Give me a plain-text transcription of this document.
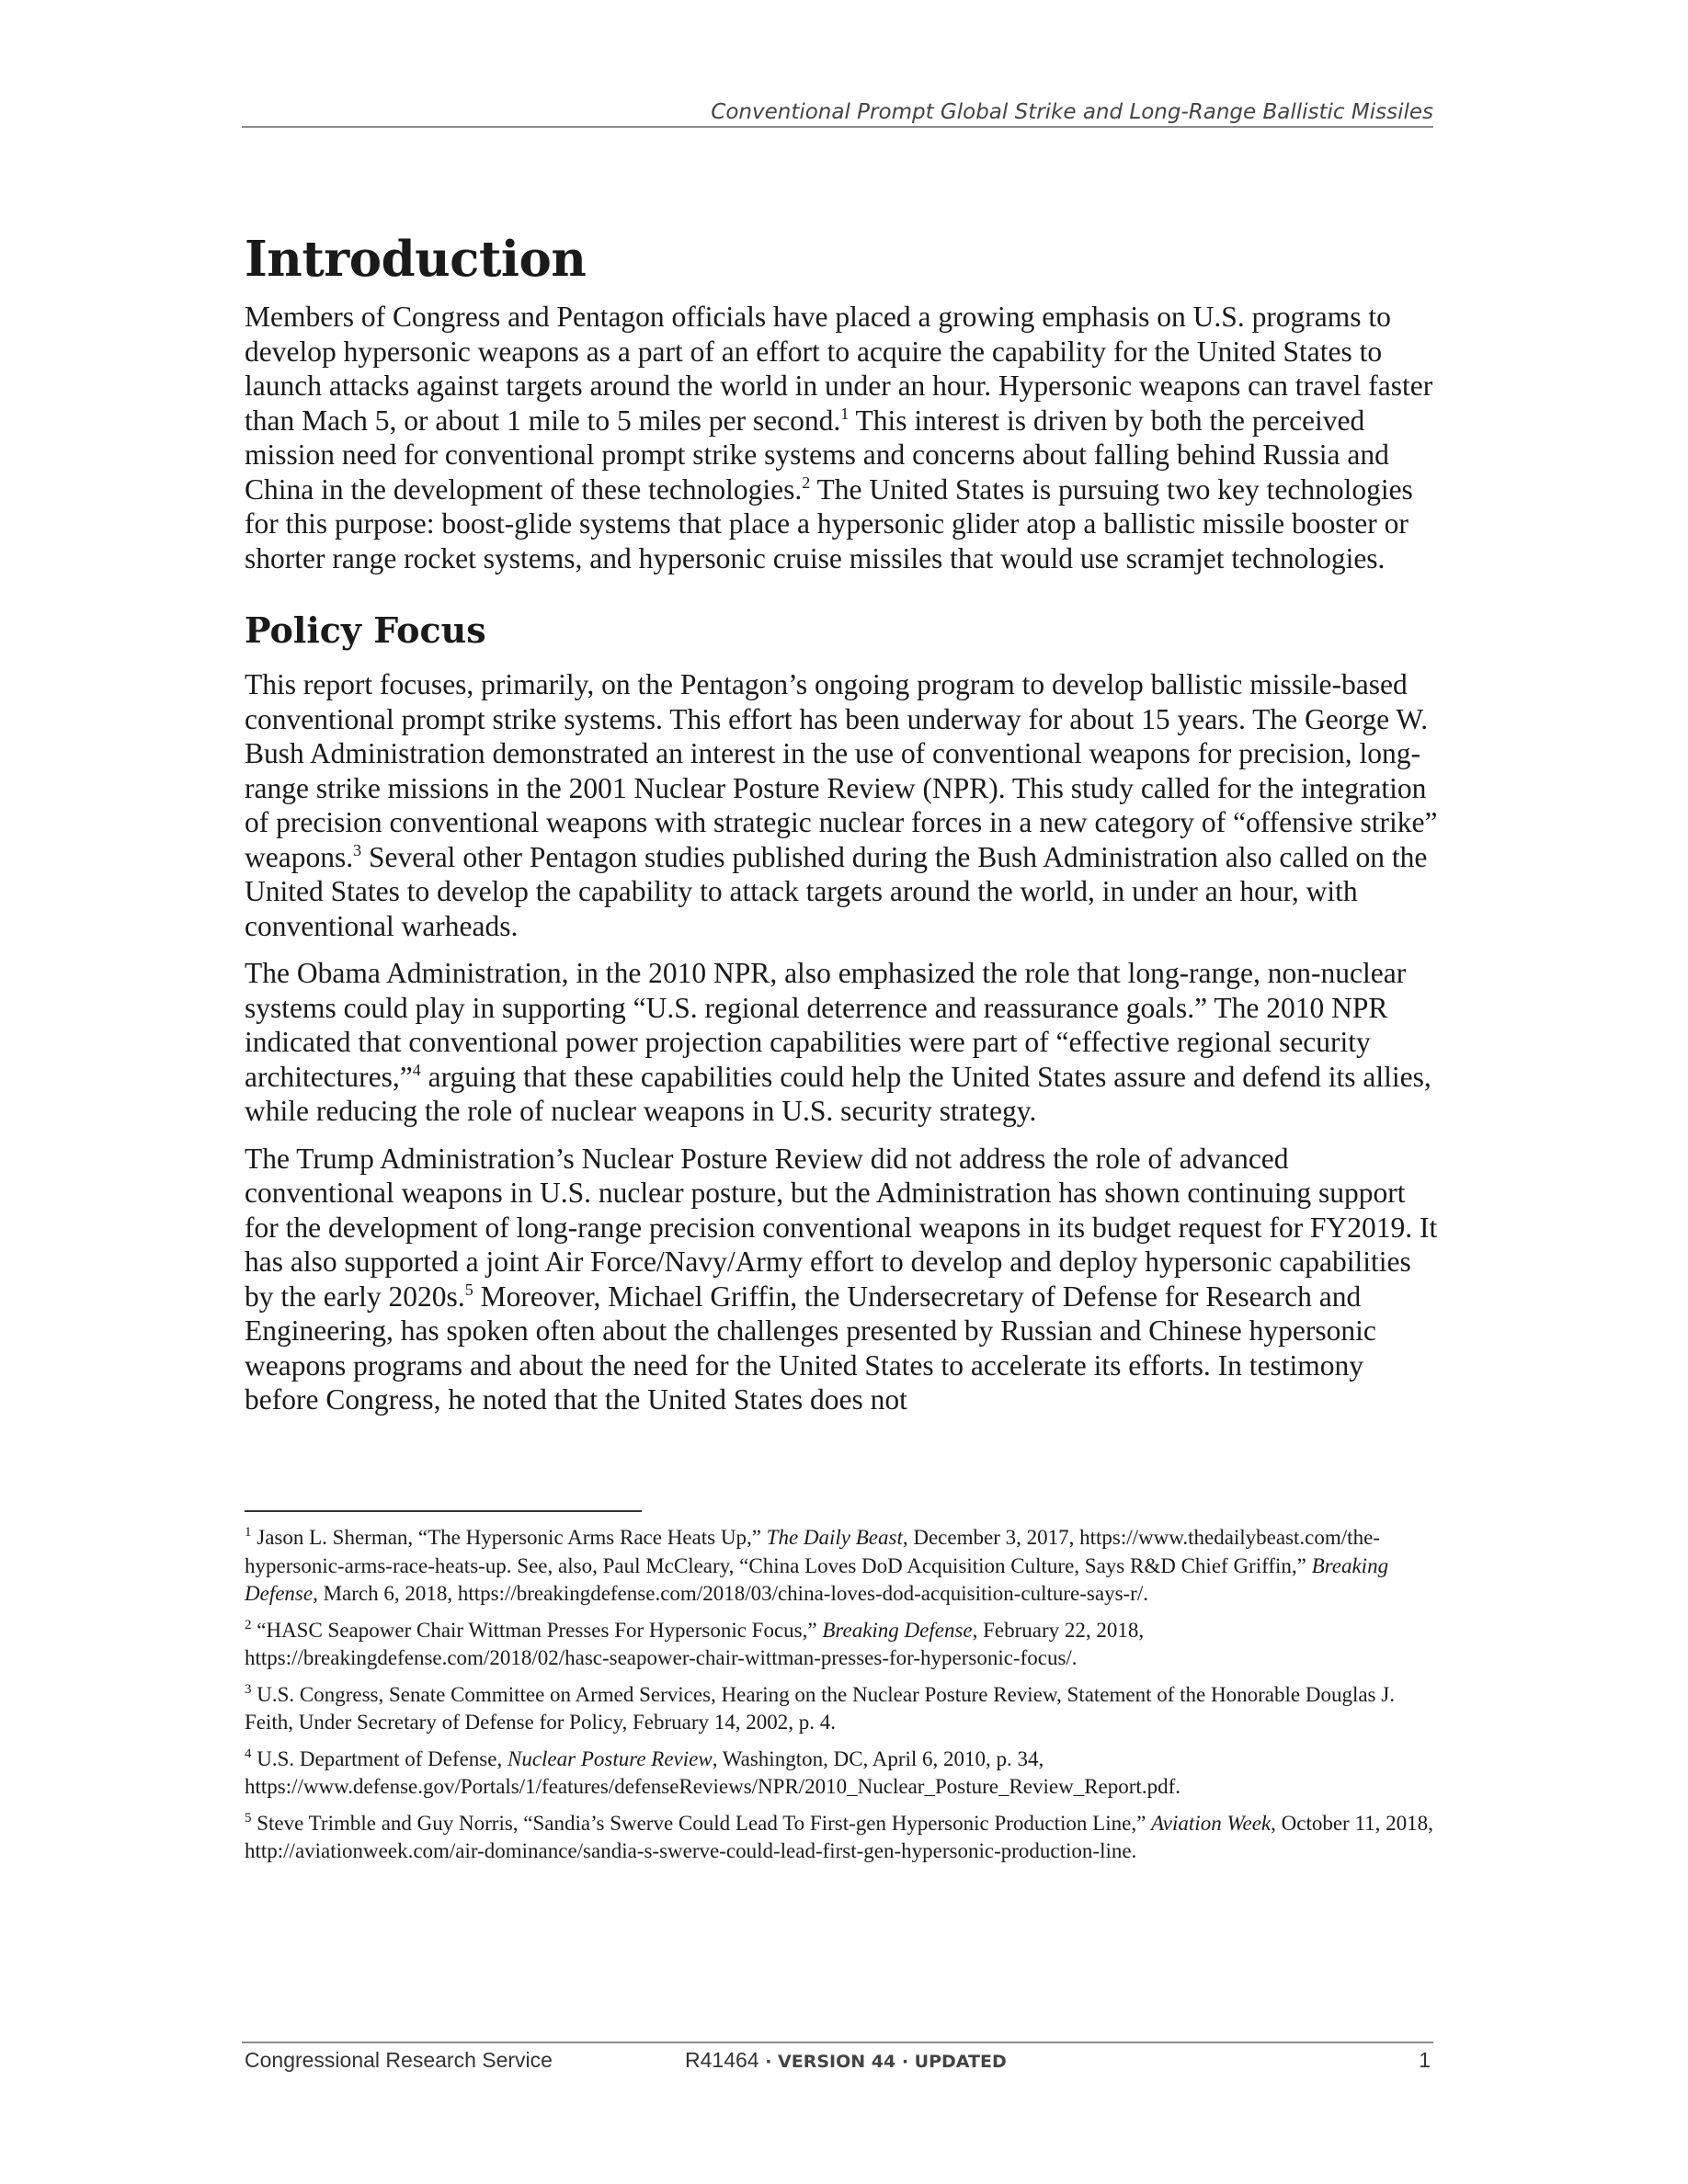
Conventional Prompt Global Strike and Long-Range Ballistic Missiles
Introduction

Members of Congress and Pentagon officials have placed a growing emphasis on U.S. programs to develop hypersonic weapons as a part of an effort to acquire the capability for the United States to launch attacks against targets around the world in under an hour. Hypersonic weapons can travel faster than Mach 5, or about 1 mile to 5 miles per second.$^1$ This interest is driven by both the perceived mission need for conventional prompt strike systems and concerns about falling behind Russia and China in the development of these technologies.$^2$ The United States is pursuing two key technologies for this purpose: boost-glide systems that place a hypersonic glider atop a ballistic missile booster or shorter range rocket systems, and hypersonic cruise missiles that would use scramjet technologies.

Policy Focus

This report focuses, primarily, on the Pentagon’s ongoing program to develop ballistic missile-based conventional prompt strike systems. This effort has been underway for about 15 years. The George W. Bush Administration demonstrated an interest in the use of conventional weapons for precision, long-range strike missions in the 2001 Nuclear Posture Review (NPR). This study called for the integration of precision conventional weapons with strategic nuclear forces in a new category of “offensive strike” weapons.$^3$ Several other Pentagon studies published during the Bush Administration also called on the United States to develop the capability to attack targets around the world, in under an hour, with conventional warheads.

The Obama Administration, in the 2010 NPR, also emphasized the role that long-range, non-nuclear systems could play in supporting “U.S. regional deterrence and reassurance goals.” The 2010 NPR indicated that conventional power projection capabilities were part of “effective regional security architectures,”$^4$ arguing that these capabilities could help the United States assure and defend its allies, while reducing the role of nuclear weapons in U.S. security strategy.

The Trump Administration’s Nuclear Posture Review did not address the role of advanced conventional weapons in U.S. nuclear posture, but the Administration has shown continuing support for the development of long-range precision conventional weapons in its budget request for FY2019. It has also supported a joint Air Force/Navy/Army effort to develop and deploy hypersonic capabilities by the early 2020s.$^5$ Moreover, Michael Griffin, the Undersecretary of Defense for Research and Engineering, has spoken often about the challenges presented by Russian and Chinese hypersonic weapons programs and about the need for the United States to accelerate its efforts. In testimony before Congress, he noted that the United States does not

$^1$ Jason L. Sherman, “The Hypersonic Arms Race Heats Up,” The Daily Beast, December 3, 2017, https://www.thedailybeast.com/the-hypersonic-arms-race-heats-up. See, also, Paul McCleary, “China Loves DoD Acquisition Culture, Says R&D Chief Griffin,” Breaking Defense, March 6, 2018, https://breakingdefense.com/2018/03/china-loves-dod-acquisition-culture-says-r/.
$^2$ “HASC Seapower Chair Wittman Presses For Hypersonic Focus,” Breaking Defense, February 22, 2018, https://breakingdefense.com/2018/02/hasc-seapower-chair-wittman-presses-for-hypersonic-focus/.
$^3$ U.S. Congress, Senate Committee on Armed Services, Hearing on the Nuclear Posture Review, Statement of the Honorable Douglas J. Feith, Under Secretary of Defense for Policy, February 14, 2002, p. 4.
$^4$ U.S. Department of Defense, Nuclear Posture Review, Washington, DC, April 6, 2010, p. 34, https://www.defense.gov/Portals/1/features/defenseReviews/NPR/2010_Nuclear_Posture_Review_Report.pdf.
$^5$ Steve Trimble and Guy Norris, “Sandia’s Swerve Could Lead To First-gen Hypersonic Production Line,” Aviation Week, October 11, 2018, http://aviationweek.com/air-dominance/sandia-s-swerve-could-lead-first-gen-hypersonic-production-line.
Congressional Research Service	R41464 · VERSION 44 · UPDATED	1
